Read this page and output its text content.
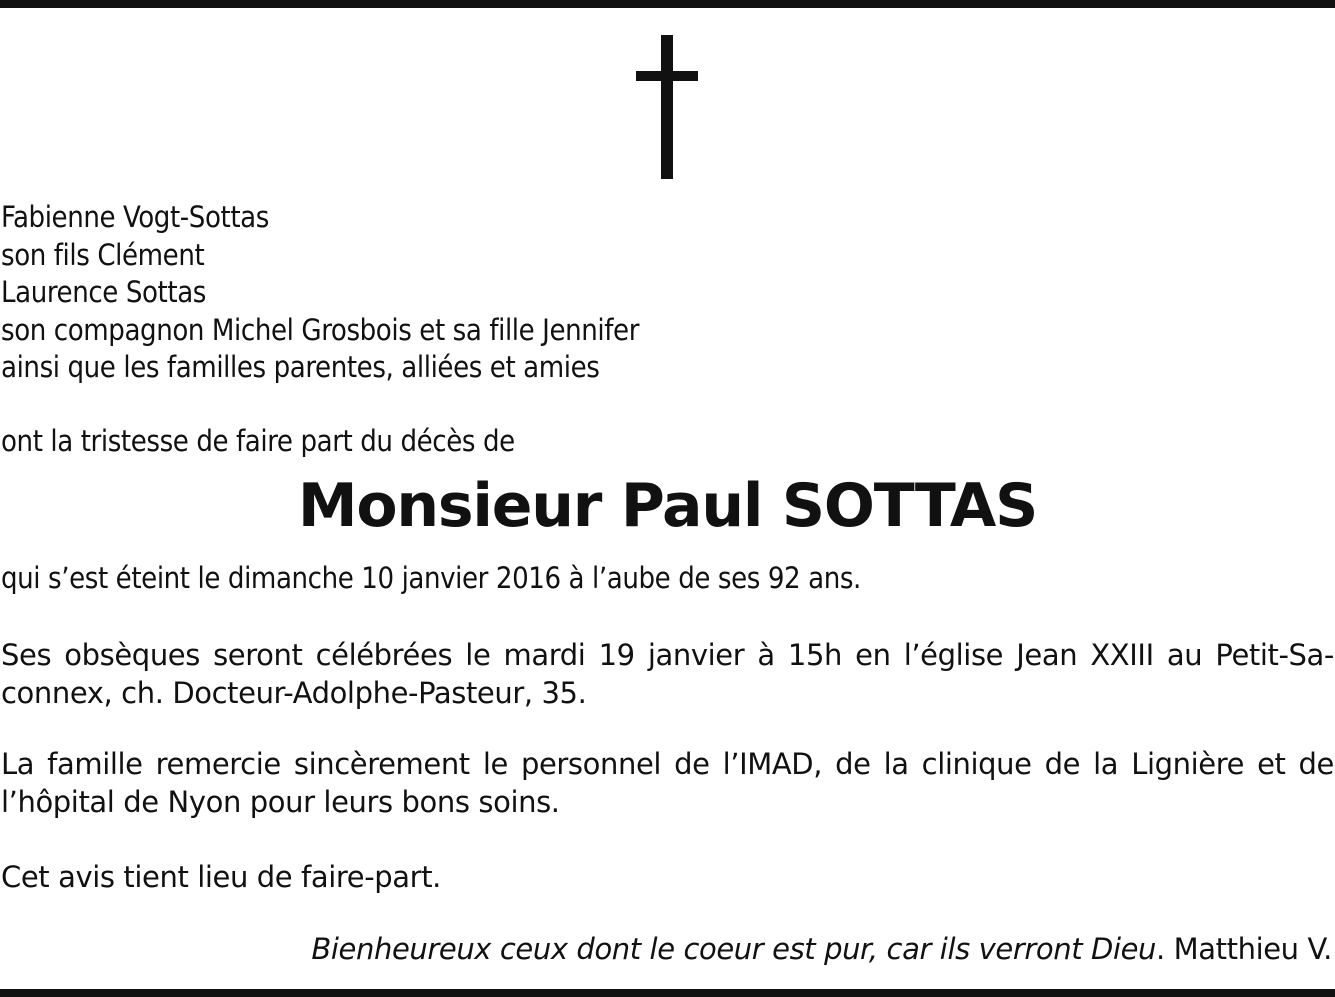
Fabienne Vogt-Sottas
son fils Clément
Laurence Sottas
son compagnon Michel Grosbois et sa fille Jennifer
ainsi que les familles parentes, alliées et amies
ont la tristesse de faire part du décès de
Monsieur Paul SOTTAS
qui s’est éteint le dimanche 10 janvier 2016 à l’aube de ses 92 ans.
Ses obsèques seront célébrées le mardi 19 janvier à 15h en l’église Jean XXIII au Petit-Sa-
connex, ch. Docteur-Adolphe-Pasteur, 35.
La famille remercie sincèrement le personnel de l’IMAD, de la clinique de la Lignière et de
l’hôpital de Nyon pour leurs bons soins.
Cet avis tient lieu de faire-part.
Bienheureux ceux dont le coeur est pur, car ils verront Dieu. Matthieu V.
